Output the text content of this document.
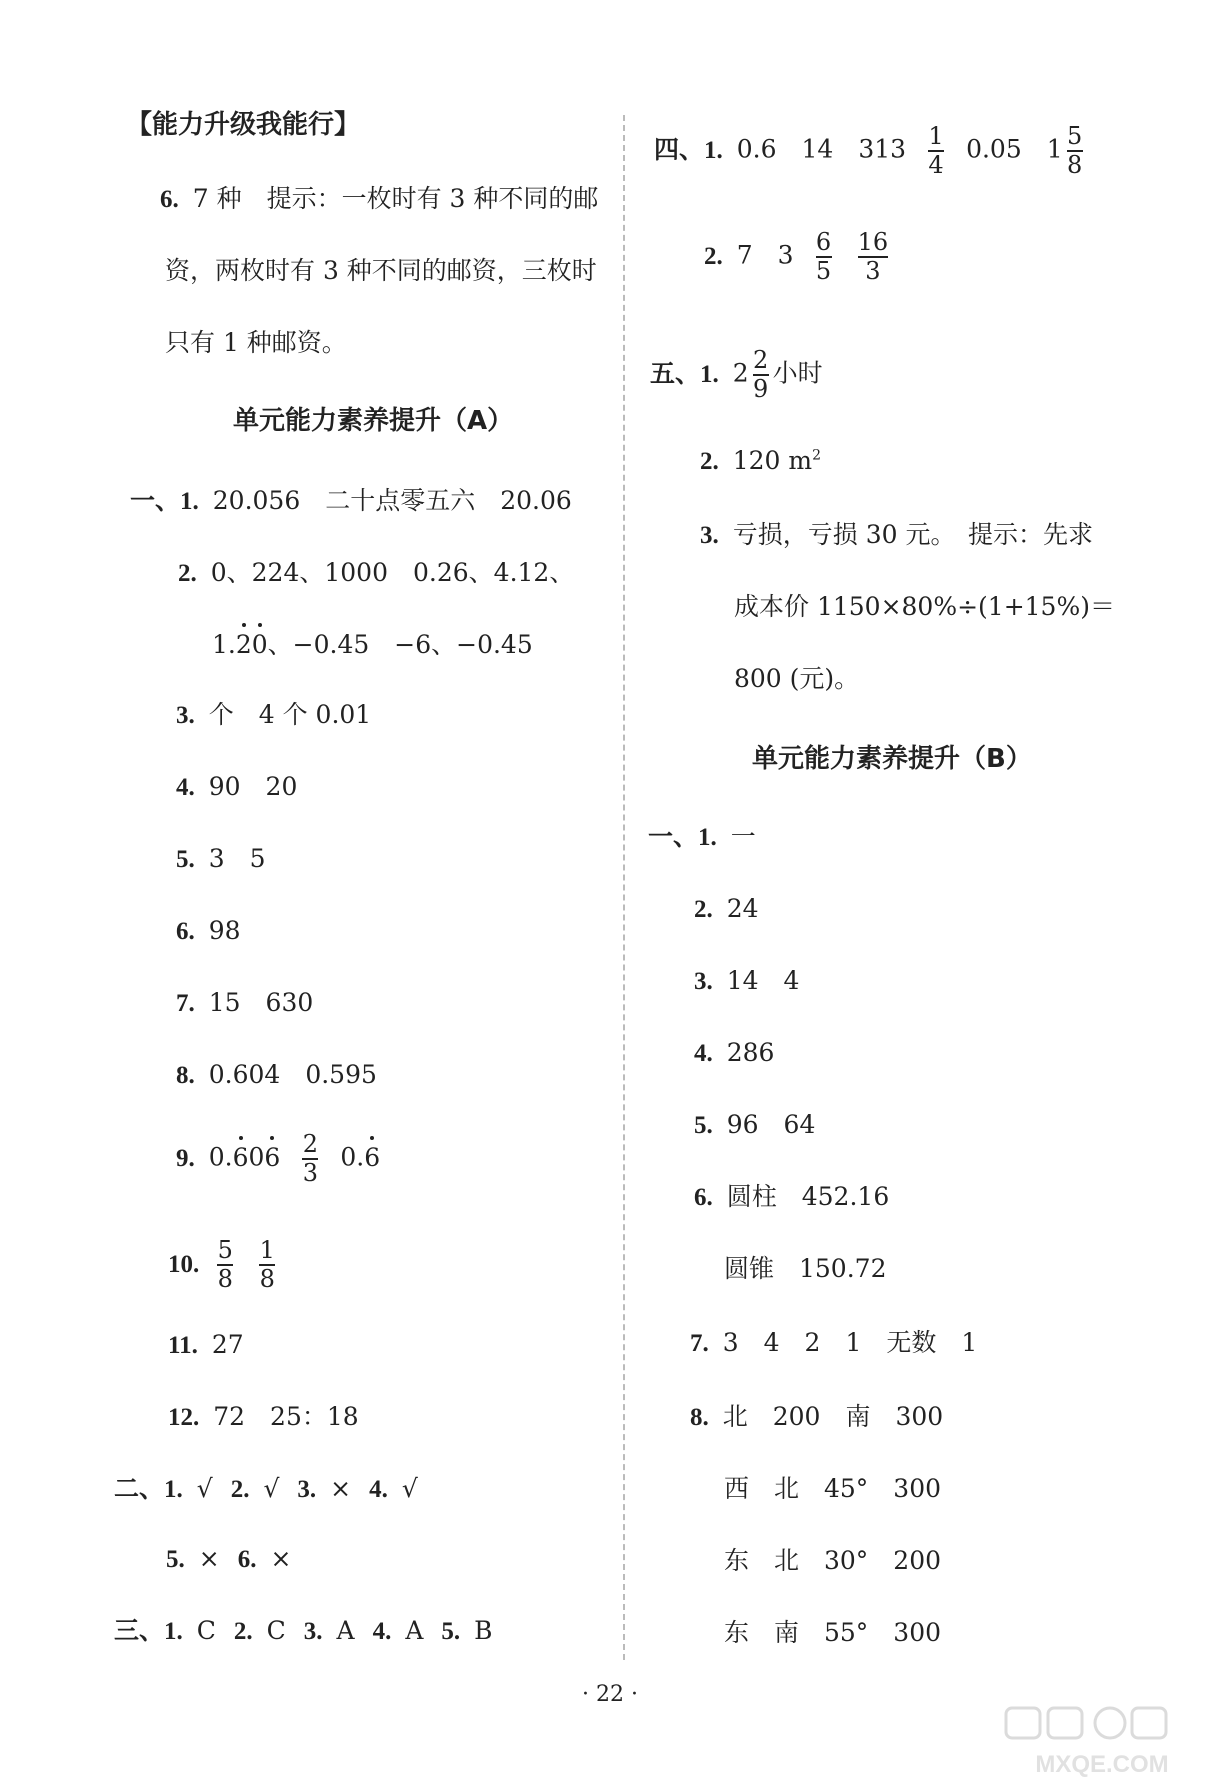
【能力升级我能行】
6. 7 种　提示：一枚时有 3 种不同的邮
资，两枚时有 3 种不同的邮资，三枚时
只有 1 种邮资。
单元能力素养提升（A）
一、1. 20.056　二十点零五六　20.06
2. 0、224、1000　0.26、4.12、
1.20、−0.45　−6、−0.45
3. 个　4 个 0.01
4. 90　20
5. 3　5
6. 98
7. 15　630
8. 0.604　0.595
9. $0.606 \frac{2}{3} 0.6$
10. $\frac{5}{8} \frac{1}{8}$
11. 27
12. 72　25：18
二、1. √ 2. √ 3. × 4. √
5. × 6. ×
三、1. C 2. C 3. A 4. A 5. B
四、1. 0.6　14　$313 \frac{1}{4} 0.05$　$1 \frac{5}{8}$
2. 7　$3 \frac{6}{5} \frac{16}{3}$
五、1. $2 \frac{2}{9}$ 小时
2. 120 $m^2$
3. 亏损，亏损 30 元。　提示：先求
成本价 1150×80%÷(1+15%)＝
800 (元)。
单元能力素养提升（B）
一、1. 一
2. 24
3. 14　4
4. 286
5. 96　64
6. 圆柱　452.16
圆锥　150.72
7. 3　4　2　1　无数　1
8. 北　200　南　300
西　北　45°　300
东　北　30°　200
东　南　55°　300
· 22 ·
MXQE.COM
